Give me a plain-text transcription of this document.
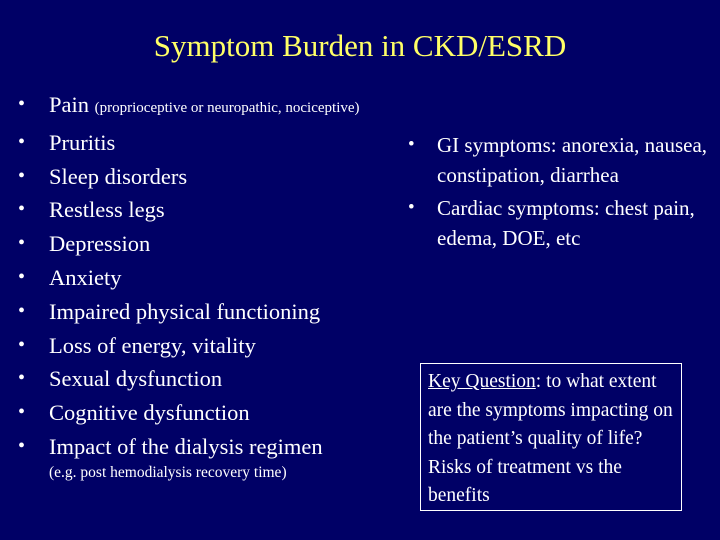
Symptom Burden in CKD/ESRD
• Pain (proprioceptive or neuropathic, nociceptive)
• Pruritis
• Sleep disorders
• Restless legs
• Depression
• Anxiety
• Impaired physical functioning
• Loss of energy, vitality
• Sexual dysfunction
• Cognitive dysfunction
• Impact of the dialysis regimen
(e.g. post hemodialysis recovery time)
• GI symptoms: anorexia, nausea, constipation, diarrhea
• Cardiac symptoms: chest pain, edema, DOE, etc
Key Question: to what extent are the symptoms impacting on the patient’s quality of life? Risks of treatment vs the benefits
